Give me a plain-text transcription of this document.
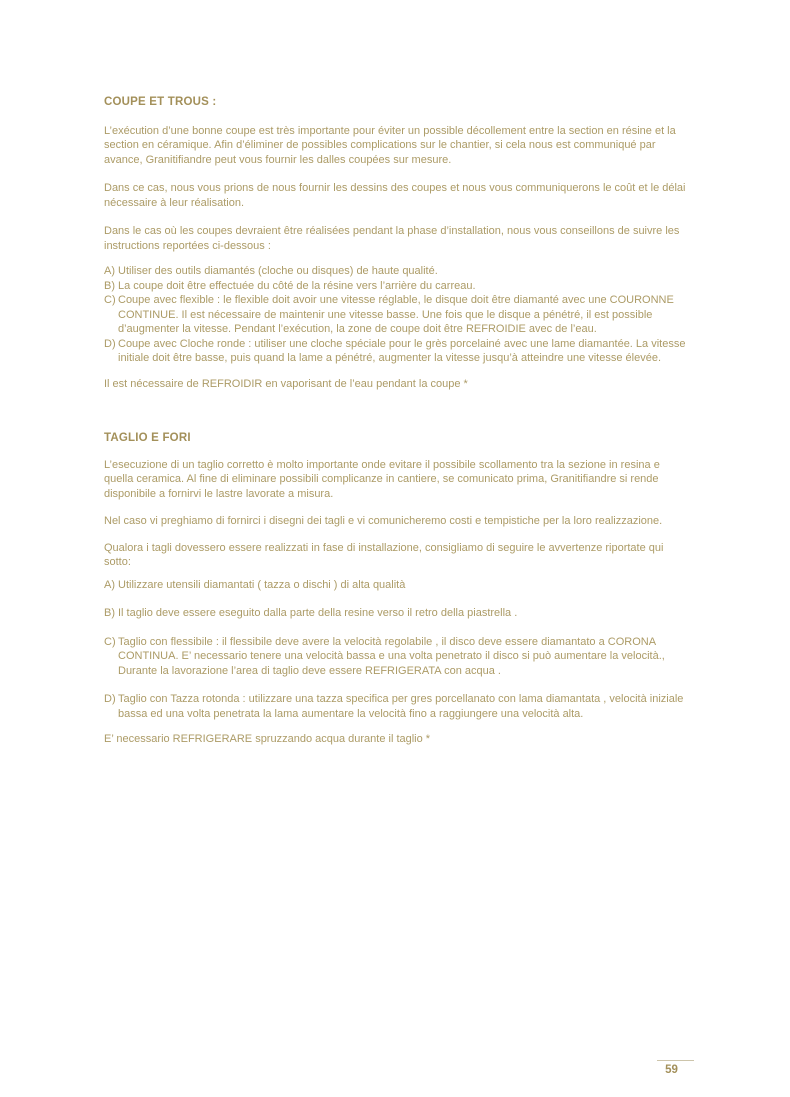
COUPE ET TROUS :

L’exécution d’une bonne coupe est très importante pour éviter un possible décollement entre la section en résine et la section en céramique. Afin d’éliminer de possibles complications sur le chantier, si cela nous est communiqué par avance, Granitifiandre peut vous fournir les dalles coupées sur mesure.

Dans ce cas, nous vous prions de nous fournir les dessins des coupes et nous vous communiquerons le coût et le délai nécessaire à leur réalisation.

Dans le cas où les coupes devraient être réalisées pendant la phase d’installation, nous vous conseillons de suivre les instructions reportées ci-dessous :

A) Utiliser des outils diamantés (cloche ou disques) de haute qualité.
B) La coupe doit être effectuée du côté de la résine vers l’arrière du carreau.
C) Coupe avec flexible : le flexible doit avoir une vitesse réglable, le disque doit être diamanté avec une COURONNE CONTINUE. Il est nécessaire de maintenir une vitesse basse. Une fois que le disque a pénétré, il est possible d’augmenter la vitesse. Pendant l’exécution, la zone de coupe doit être REFROIDIE avec de l’eau.
D) Coupe avec Cloche ronde : utiliser une cloche spéciale pour le grès porcelainé avec une lame diamantée. La vitesse initiale doit être basse, puis quand la lame a pénétré, augmenter la vitesse jusqu’à atteindre une vitesse élevée.

Il est nécessaire de REFROIDIR en vaporisant de l’eau pendant la coupe *

TAGLIO E FORI

L’esecuzione di un taglio corretto è molto importante onde evitare il possibile scollamento tra la sezione in resina e quella ceramica. Al fine di eliminare possibili complicanze in cantiere, se comunicato prima, Granitifiandre si rende disponibile a fornirvi le lastre lavorate a misura.

Nel caso vi preghiamo di fornirci i disegni dei tagli e vi comunicheremo costi e tempistiche per la loro realizzazione.

Qualora i tagli dovessero essere realizzati in fase di installazione, consigliamo di seguire le avvertenze riportate qui sotto:

A) Utilizzare utensili diamantati ( tazza o dischi ) di alta qualità
B) Il taglio deve essere eseguito dalla parte della resine verso il retro della piastrella .
C) Taglio con flessibile : il flessibile deve avere la velocità regolabile , il disco deve essere diamantato a CORONA CONTINUA. E’ necessario tenere una velocità bassa e una volta penetrato il disco si può aumentare la velocità., Durante la lavorazione l’area di taglio deve essere REFRIGERATA con acqua .
D) Taglio con Tazza rotonda : utilizzare una tazza specifica per gres porcellanato con lama diamantata , velocità iniziale bassa ed una volta penetrata la lama aumentare la velocità fino a raggiungere una velocità alta.

E’ necessario REFRIGERARE spruzzando acqua durante il taglio *

59
